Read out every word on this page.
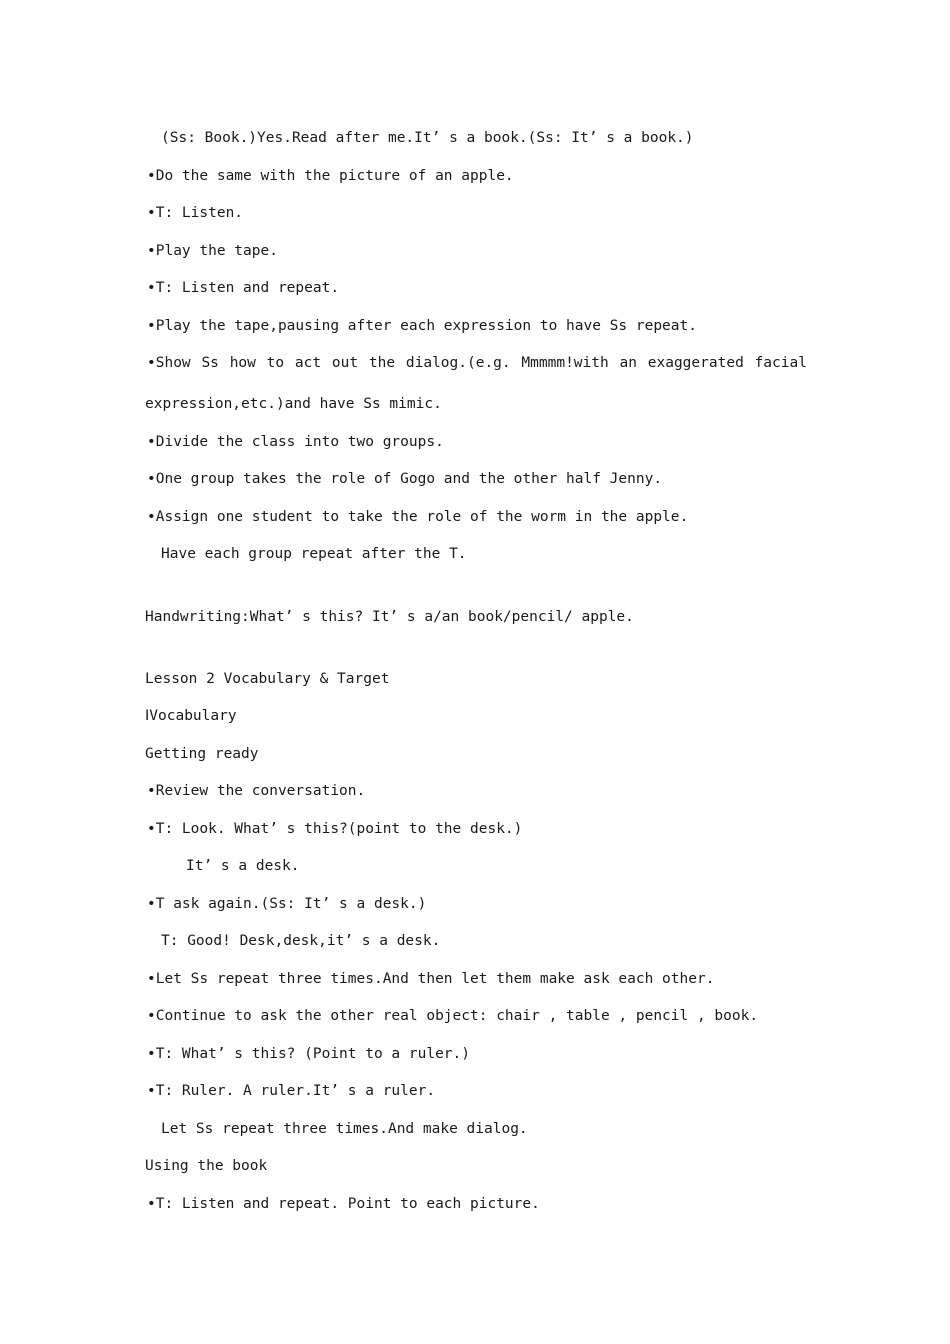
(Ss: Book.)Yes.Read after me.It’ s a book.(Ss: It’ s a book.)
•Do the same with the picture of an apple.
•T: Listen.
•Play the tape.
•T: Listen and repeat.
•Play the tape,pausing after each expression to have Ss repeat.
•Show Ss how to act out the dialog.(e.g. Mmmmm!with an exaggerated facial
expression,etc.)and have Ss mimic.
•Divide the class into two groups.
•One group takes the role of Gogo and the other half Jenny.
•Assign one student to take the role of the worm in the apple.
Have each group repeat after the T.
Handwriting:What’ s this? It’ s a/an book/pencil/ apple.
Lesson 2 Vocabulary & Target
ⅠVocabulary
Getting ready
•Review the conversation.
•T: Look. What’ s this?(point to the desk.)
It’ s a desk.
•T ask again.(Ss: It’ s a desk.)
T: Good! Desk,desk,it’ s a desk.
•Let Ss repeat three times.And then let them make ask each other.
•Continue to ask the other real object: chair , table , pencil , book.
•T: What’ s this? (Point to a ruler.)
•T: Ruler. A ruler.It’ s a ruler.
Let Ss repeat three times.And make dialog.
Using the book
•T: Listen and repeat. Point to each picture.
